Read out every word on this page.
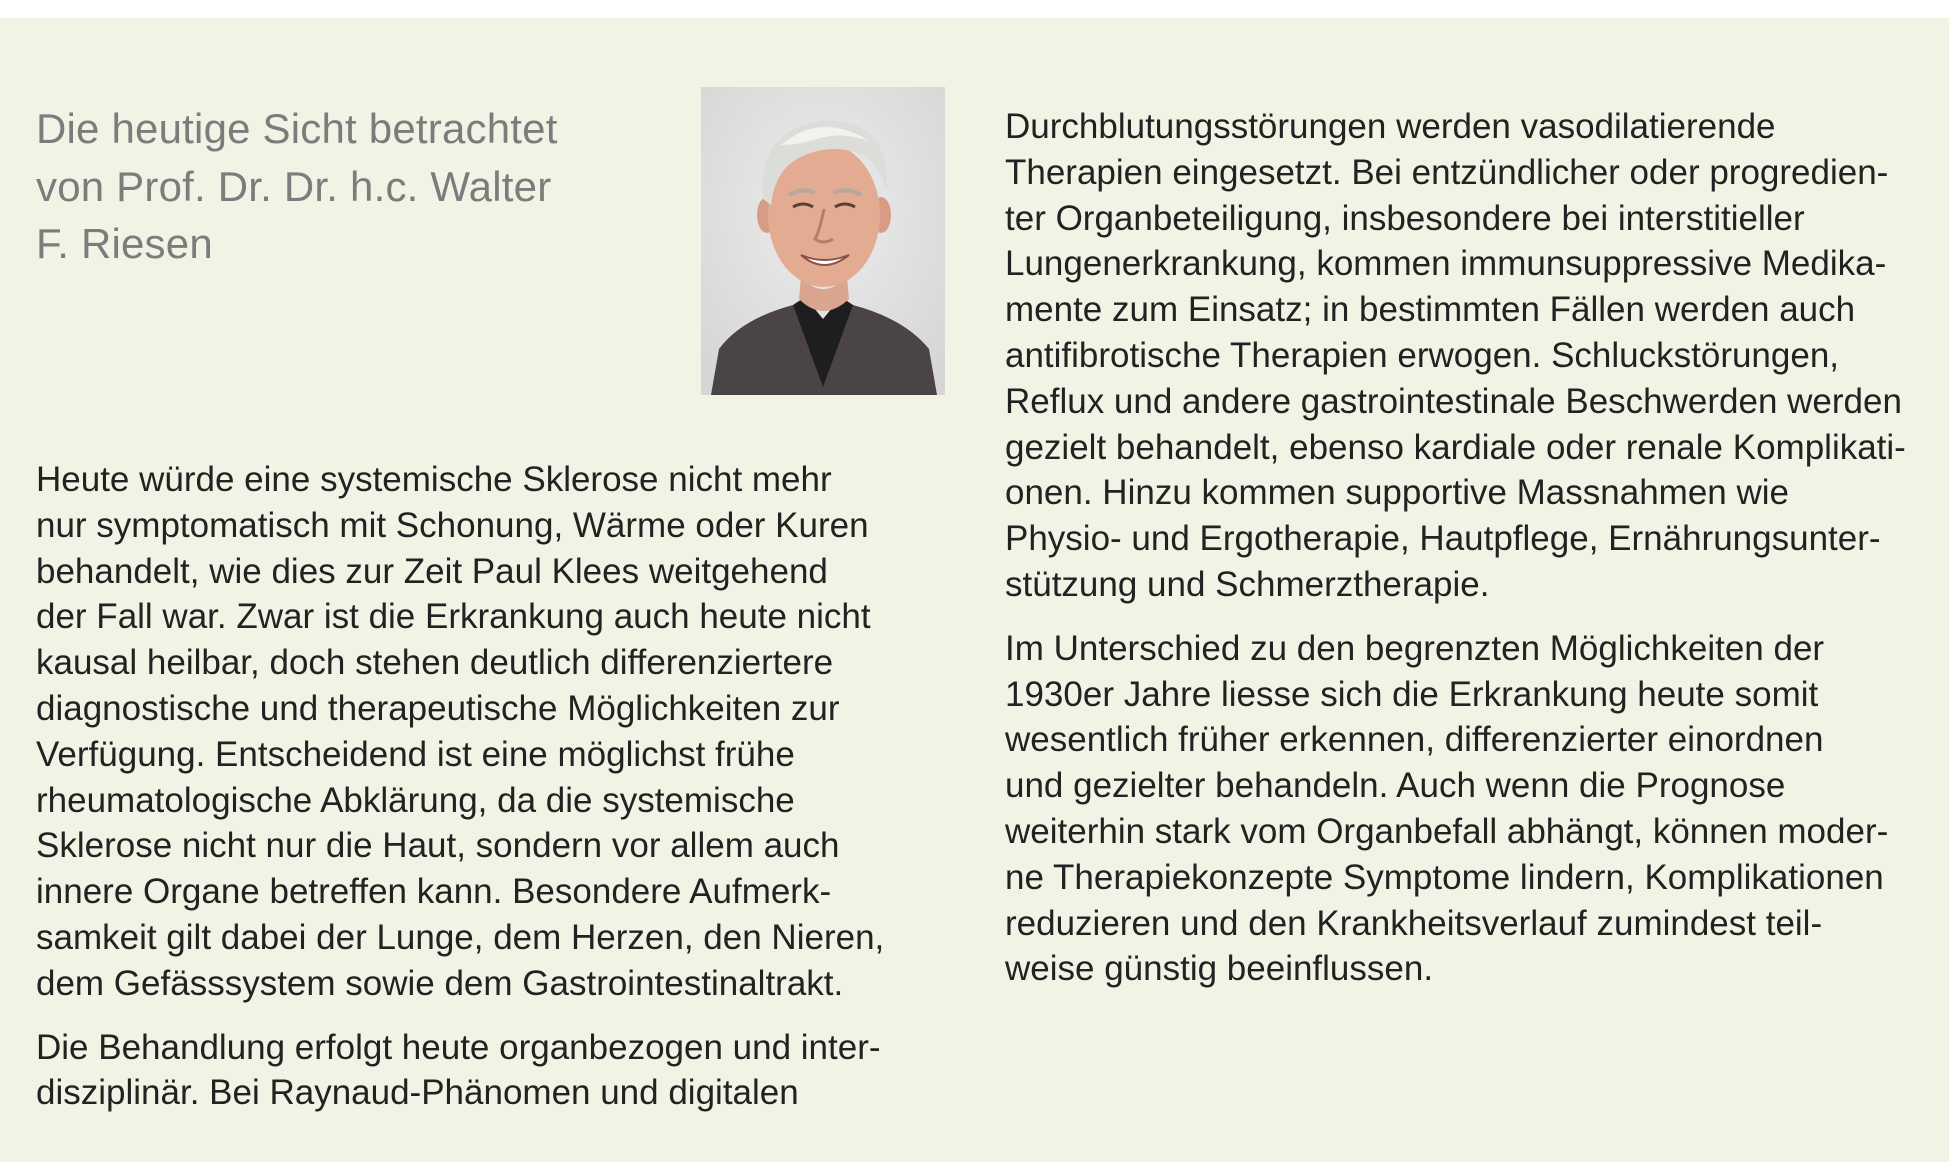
Die heutige Sicht betrachtet
von Prof. Dr. Dr. h.c. Walter
F. Riesen

Heute würde eine systemische Sklerose nicht mehr
nur symptomatisch mit Schonung, Wärme oder Kuren
behandelt, wie dies zur Zeit Paul Klees weitgehend
der Fall war. Zwar ist die Erkrankung auch heute nicht
kausal heilbar, doch stehen deutlich differenziertere
diagnostische und therapeutische Möglichkeiten zur
Verfügung. Entscheidend ist eine möglichst frühe
rheumatologische Abklärung, da die systemische
Sklerose nicht nur die Haut, sondern vor allem auch
innere Organe betreffen kann. Besondere Aufmerk-
samkeit gilt dabei der Lunge, dem Herzen, den Nieren,
dem Gefässsystem sowie dem Gastrointestinaltrakt.

Die Behandlung erfolgt heute organbezogen und inter-
disziplinär. Bei Raynaud-Phänomen und digitalen

Durchblutungsstörungen werden vasodilatierende
Therapien eingesetzt. Bei entzündlicher oder progredien-
ter Organbeteiligung, insbesondere bei interstitieller
Lungenerkrankung, kommen immunsuppressive Medika-
mente zum Einsatz; in bestimmten Fällen werden auch
antifibrotische Therapien erwogen. Schluckstörungen,
Reflux und andere gastrointestinale Beschwerden werden
gezielt behandelt, ebenso kardiale oder renale Komplikati-
onen. Hinzu kommen supportive Massnahmen wie
Physio- und Ergotherapie, Hautpflege, Ernährungsunter-
stützung und Schmerztherapie.

Im Unterschied zu den begrenzten Möglichkeiten der
1930er Jahre liesse sich die Erkrankung heute somit
wesentlich früher erkennen, differenzierter einordnen
und gezielter behandeln. Auch wenn die Prognose
weiterhin stark vom Organbefall abhängt, können moder-
ne Therapiekonzepte Symptome lindern, Komplikationen
reduzieren und den Krankheitsverlauf zumindest teil-
weise günstig beeinflussen.
